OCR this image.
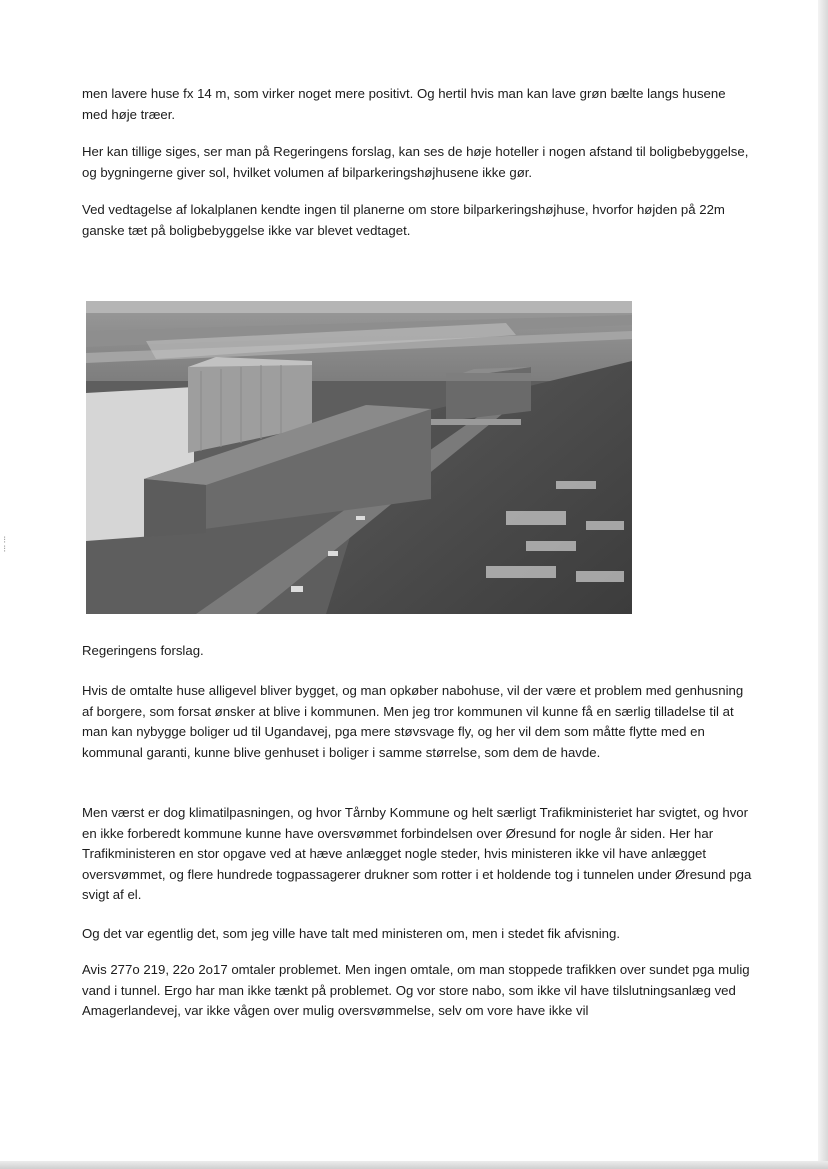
men lavere huse fx 14 m, som virker noget mere positivt. Og hertil hvis man kan lave grøn bælte langs husene med høje træer.

Her kan tillige siges, ser man på Regeringens forslag, kan ses de høje hoteller i nogen afstand til boligbebyggelse, og bygningerne giver sol, hvilket volumen af bilparkeringshøjhusene ikke gør.

Ved vedtagelse af lokalplanen kendte ingen til planerne om store bilparkeringshøjhuse, hvorfor højden på 22m ganske tæt på boligbebyggelse ikke var blevet vedtaget.

Regeringens forslag.

Hvis de omtalte huse alligevel bliver bygget, og man opkøber nabohuse, vil der være et problem med genhusning af borgere, som forsat ønsker at blive i kommunen. Men jeg tror kommunen vil kunne få en særlig tilladelse til at man kan nybygge boliger ud til Ugandavej, pga mere støvsvage fly, og her vil dem som måtte flytte med en kommunal garanti, kunne blive genhuset i boliger i samme størrelse, som dem de havde.

Men værst er dog klimatilpasningen, og hvor Tårnby Kommune og helt særligt Trafikministeriet har svigtet, og hvor en ikke forberedt kommune kunne have oversvømmet forbindelsen over Øresund for nogle år siden. Her har Trafikministeren en stor opgave ved at hæve anlægget nogle steder, hvis ministeren ikke vil have anlægget oversvømmet, og flere hundrede togpassagerer drukner som rotter i et holdende tog i tunnelen under Øresund pga svigt af el.

Og det var egentlig det, som jeg ville have talt med ministeren om, men i stedet fik afvisning.

Avis 277o 219, 22o 2o17 omtaler problemet. Men ingen omtale, om man stoppede trafikken over sundet pga mulig vand i tunnel. Ergo har man ikke tænkt på problemet. Og vor store nabo, som ikke vil have tilslutningsanlæg ved Amagerlandevej, var ikke vågen over mulig oversvømmelse, selv om vore have ikke vil

⁝
⁝
